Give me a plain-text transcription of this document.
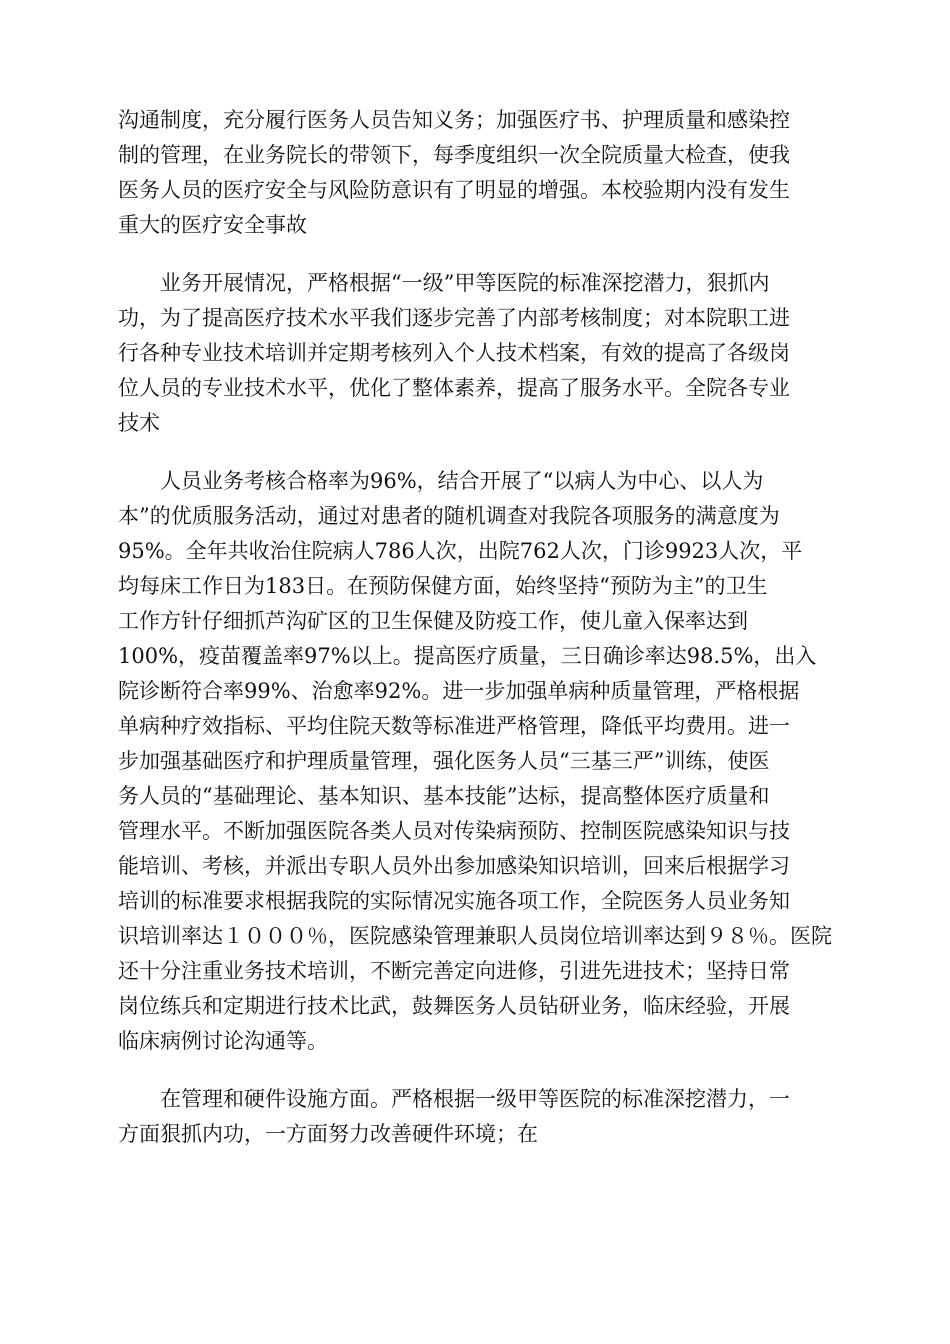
沟通制度，充分履行医务人员告知义务；加强医疗书、护理质量和感染控
制的管理，在业务院长的带领下，每季度组织一次全院质量大检查，使我
医务人员的医疗安全与风险防意识有了明显的增强。本校验期内没有发生
重大的医疗安全事故
业务开展情况，严格根据“一级”甲等医院的标准深挖潜力，狠抓内
功，为了提高医疗技术水平我们逐步完善了内部考核制度；对本院职工进
行各种专业技术培训并定期考核列入个人技术档案，有效的提高了各级岗
位人员的专业技术水平，优化了整体素养，提高了服务水平。全院各专业
技术
人员业务考核合格率为96%，结合开展了“以病人为中心、以人为
本”的优质服务活动，通过对患者的随机调查对我院各项服务的满意度为
95%。全年共收治住院病人786人次，出院762人次，门诊9923人次，平
均每床工作日为183日。在预防保健方面，始终坚持“预防为主”的卫生
工作方针仔细抓芦沟矿区的卫生保健及防疫工作，使儿童入保率达到
100%，疫苗覆盖率97%以上。提高医疗质量，三日确诊率达98.5%，出入
院诊断符合率99%、治愈率92%。进一步加强单病种质量管理，严格根据
单病种疗效指标、平均住院天数等标准进严格管理，降低平均费用。进一
步加强基础医疗和护理质量管理，强化医务人员“三基三严”训练，使医
务人员的“基础理论、基本知识、基本技能”达标，提高整体医疗质量和
管理水平。不断加强医院各类人员对传染病预防、控制医院感染知识与技
能培训、考核，并派出专职人员外出参加感染知识培训，回来后根据学习
培训的标准要求根据我院的实际情况实施各项工作，全院医务人员业务知
识培训率达１０００％，医院感染管理兼职人员岗位培训率达到９８％。医院
还十分注重业务技术培训，不断完善定向进修，引进先进技术；坚持日常
岗位练兵和定期进行技术比武，鼓舞医务人员钻研业务，临床经验，开展
临床病例讨论沟通等。
在管理和硬件设施方面。严格根据一级甲等医院的标准深挖潜力，一
方面狠抓内功，一方面努力改善硬件环境；在
